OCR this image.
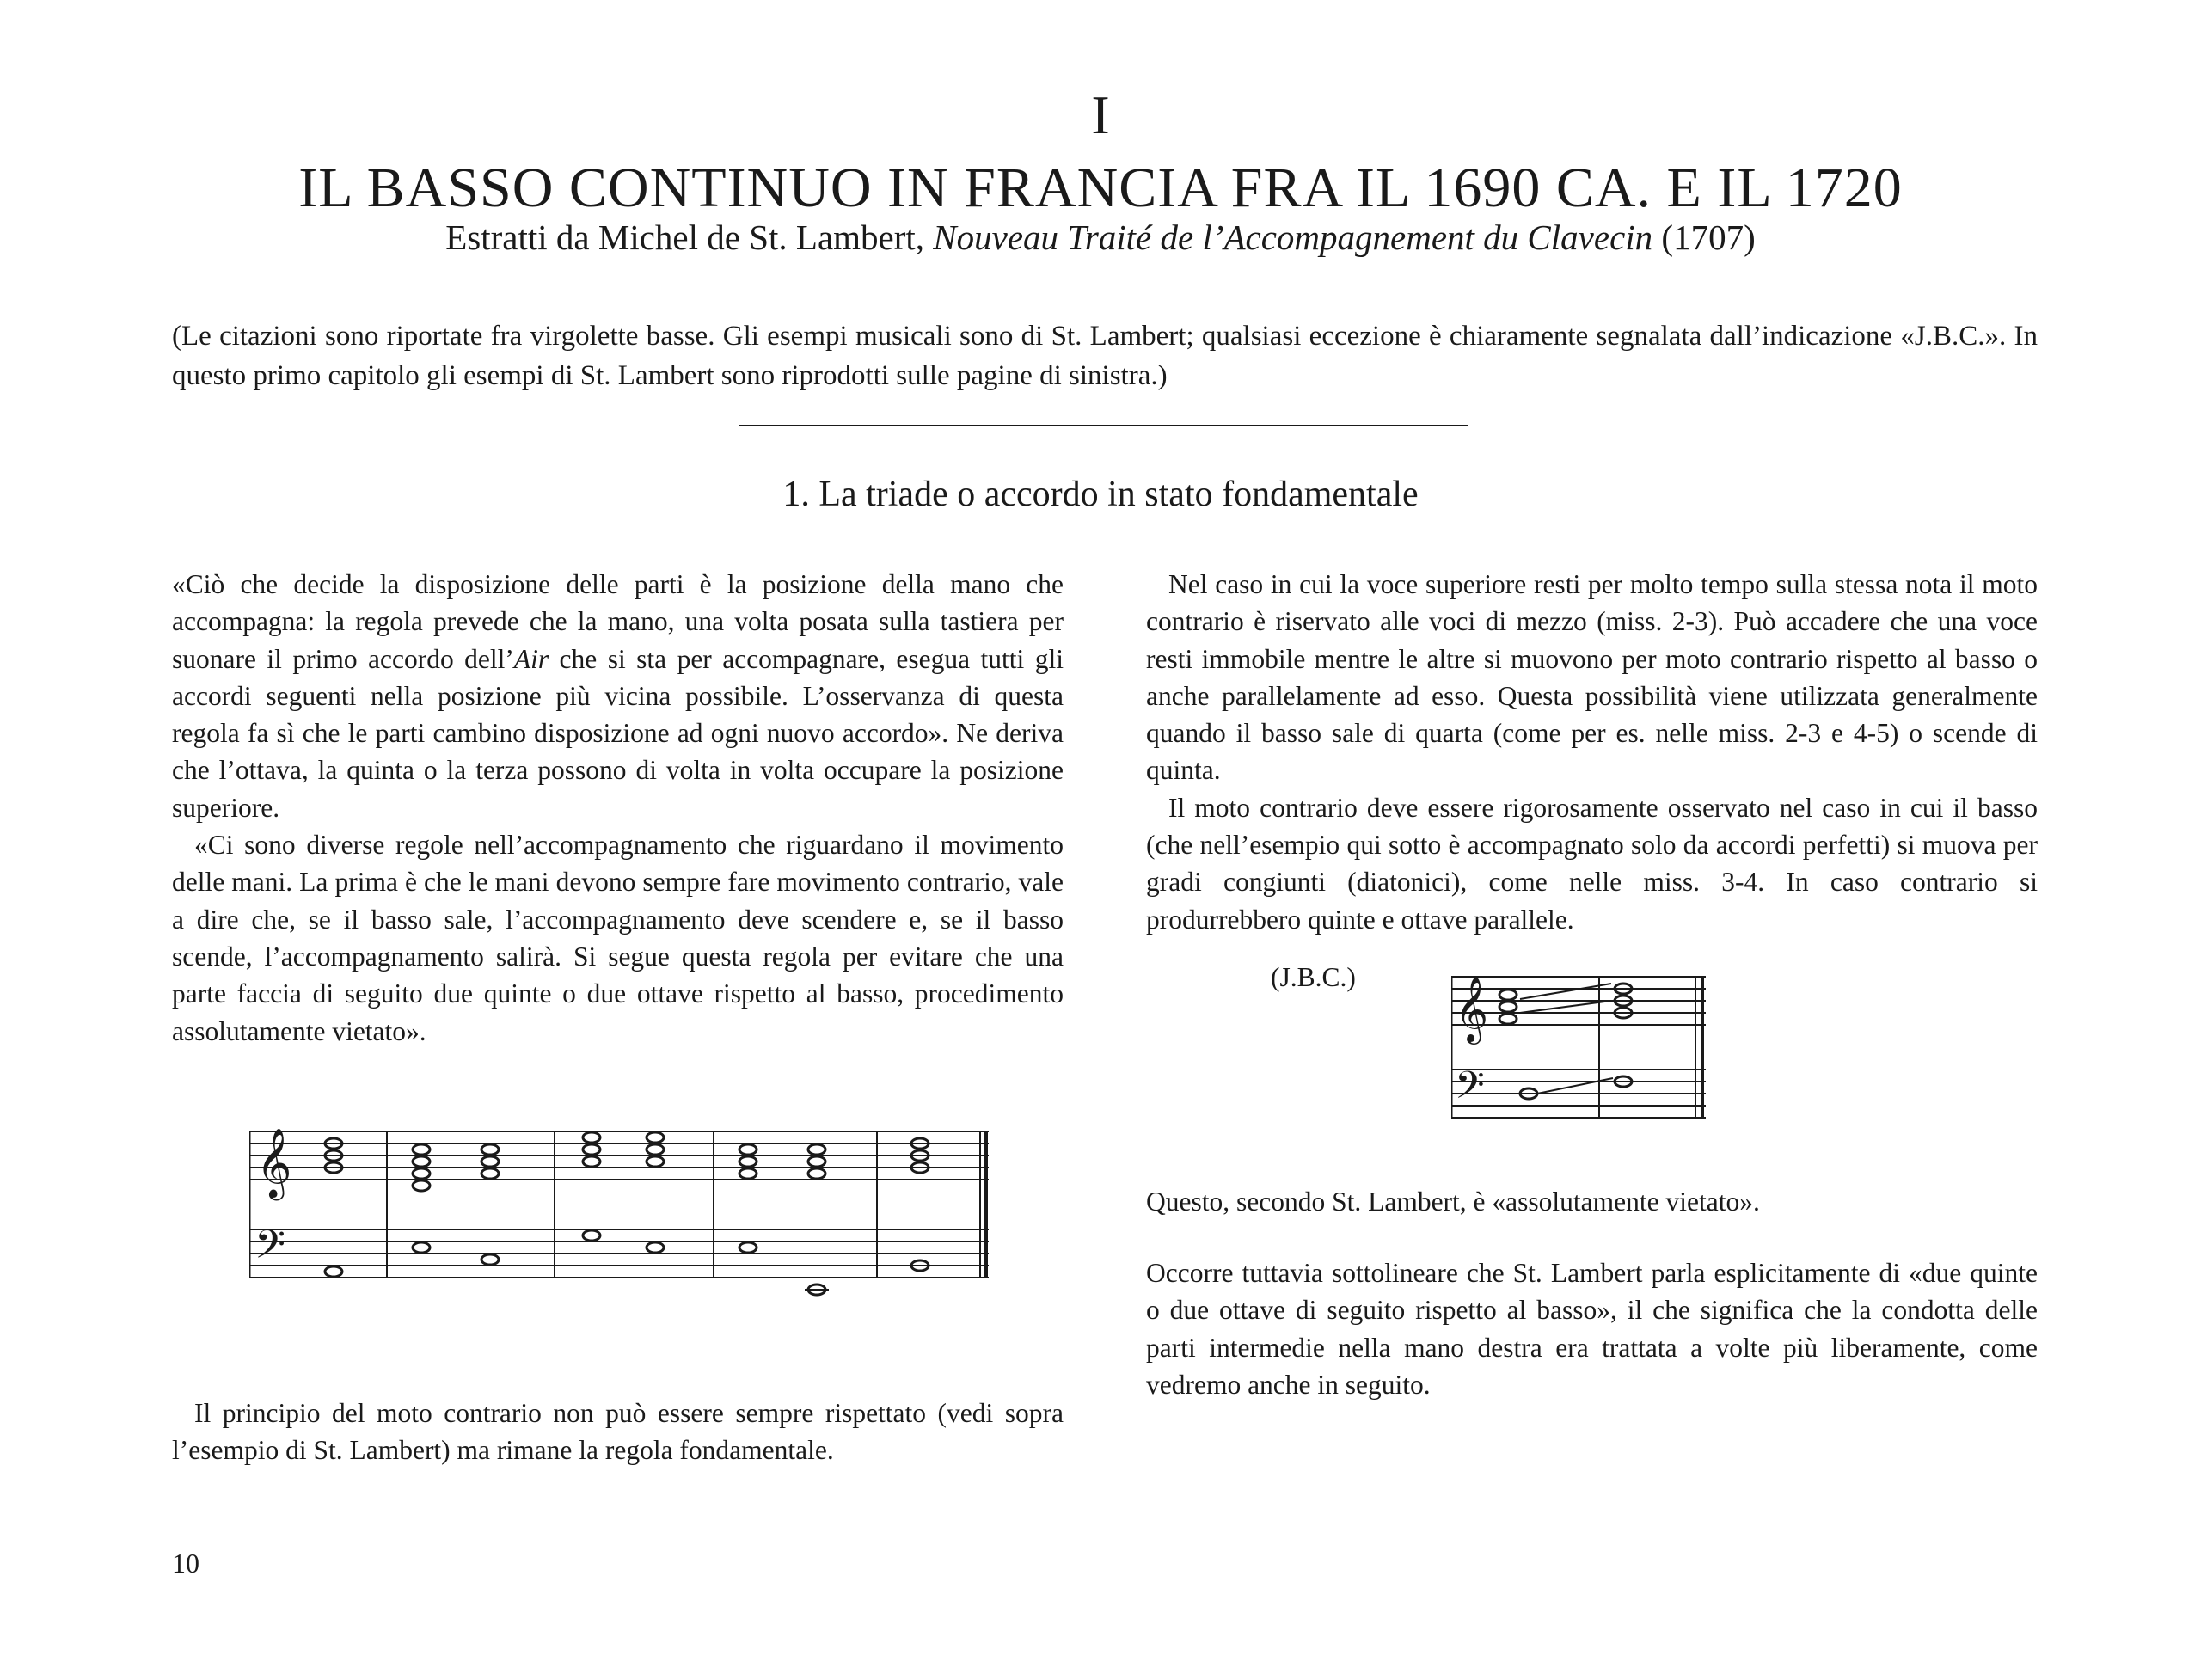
I
IL BASSO CONTINUO IN FRANCIA FRA IL 1690 CA. E IL 1720
Estratti da Michel de St. Lambert, Nouveau Traité de l’Accompagnement du Clavecin (1707)
(Le citazioni sono riportate fra virgolette basse. Gli esempi musicali sono di St. Lambert; qualsiasi eccezione è chiaramente segnalata dall’indicazione «J.B.C.». In questo primo capitolo gli esempi di St. Lambert sono riprodotti sulle pagine di sinistra.)
1. La triade o accordo in stato fondamentale

«Ciò che decide la disposizione delle parti è la posizione della mano che accompagna: la regola prevede che la mano, una volta posata sulla tastiera per suonare il primo accordo dell’Air che si sta per accompagnare, esegua tutti gli accordi seguenti nella posizione più vicina possibile. L’osservanza di questa regola fa sì che le parti cambino disposizione ad ogni nuovo accordo». Ne deriva che l’ottava, la quinta o la terza possono di volta in volta occupare la posizione superiore.

«Ci sono diverse regole nell’accompagnamento che riguardano il movimento delle mani. La prima è che le mani devono sempre fare movimento contrario, vale a dire che, se il basso sale, l’accompagnamento deve scendere e, se il basso scende, l’accompagnamento salirà. Si segue questa regola per evitare che una parte faccia di seguito due quinte o due ottave rispetto al basso, procedimento assolutamente vietato».

𝄞
𝄢
Il principio del moto contrario non può essere sempre rispettato (vedi sopra l’esempio di St. Lambert) ma rimane la regola fondamentale.

Nel caso in cui la voce superiore resti per molto tempo sulla stessa nota il moto contrario è riservato alle voci di mezzo (miss. 2-3). Può accadere che una voce resti immobile mentre le altre si muovono per moto contrario rispetto al basso o anche parallelamente ad esso. Questa possibilità viene utilizzata generalmente quando il basso sale di quarta (come per es. nelle miss. 2-3 e 4-5) o scende di quinta.

Il moto contrario deve essere rigorosamente osservato nel caso in cui il basso (che nell’esempio qui sotto è accompagnato solo da accordi perfetti) si muova per gradi congiunti (diatonici), come nelle miss. 3-4. In caso contrario si produrrebbero quinte e ottave parallele.

(J.B.C.) 𝄞
𝄢
Questo, secondo St. Lambert, è «assolutamente vietato».
Occorre tuttavia sottolineare che St. Lambert parla esplicitamente di «due quinte o due ottave di seguito rispetto al basso», il che significa che la condotta delle parti intermedie nella mano destra era trattata a volte più liberamente, come vedremo anche in seguito.
10
